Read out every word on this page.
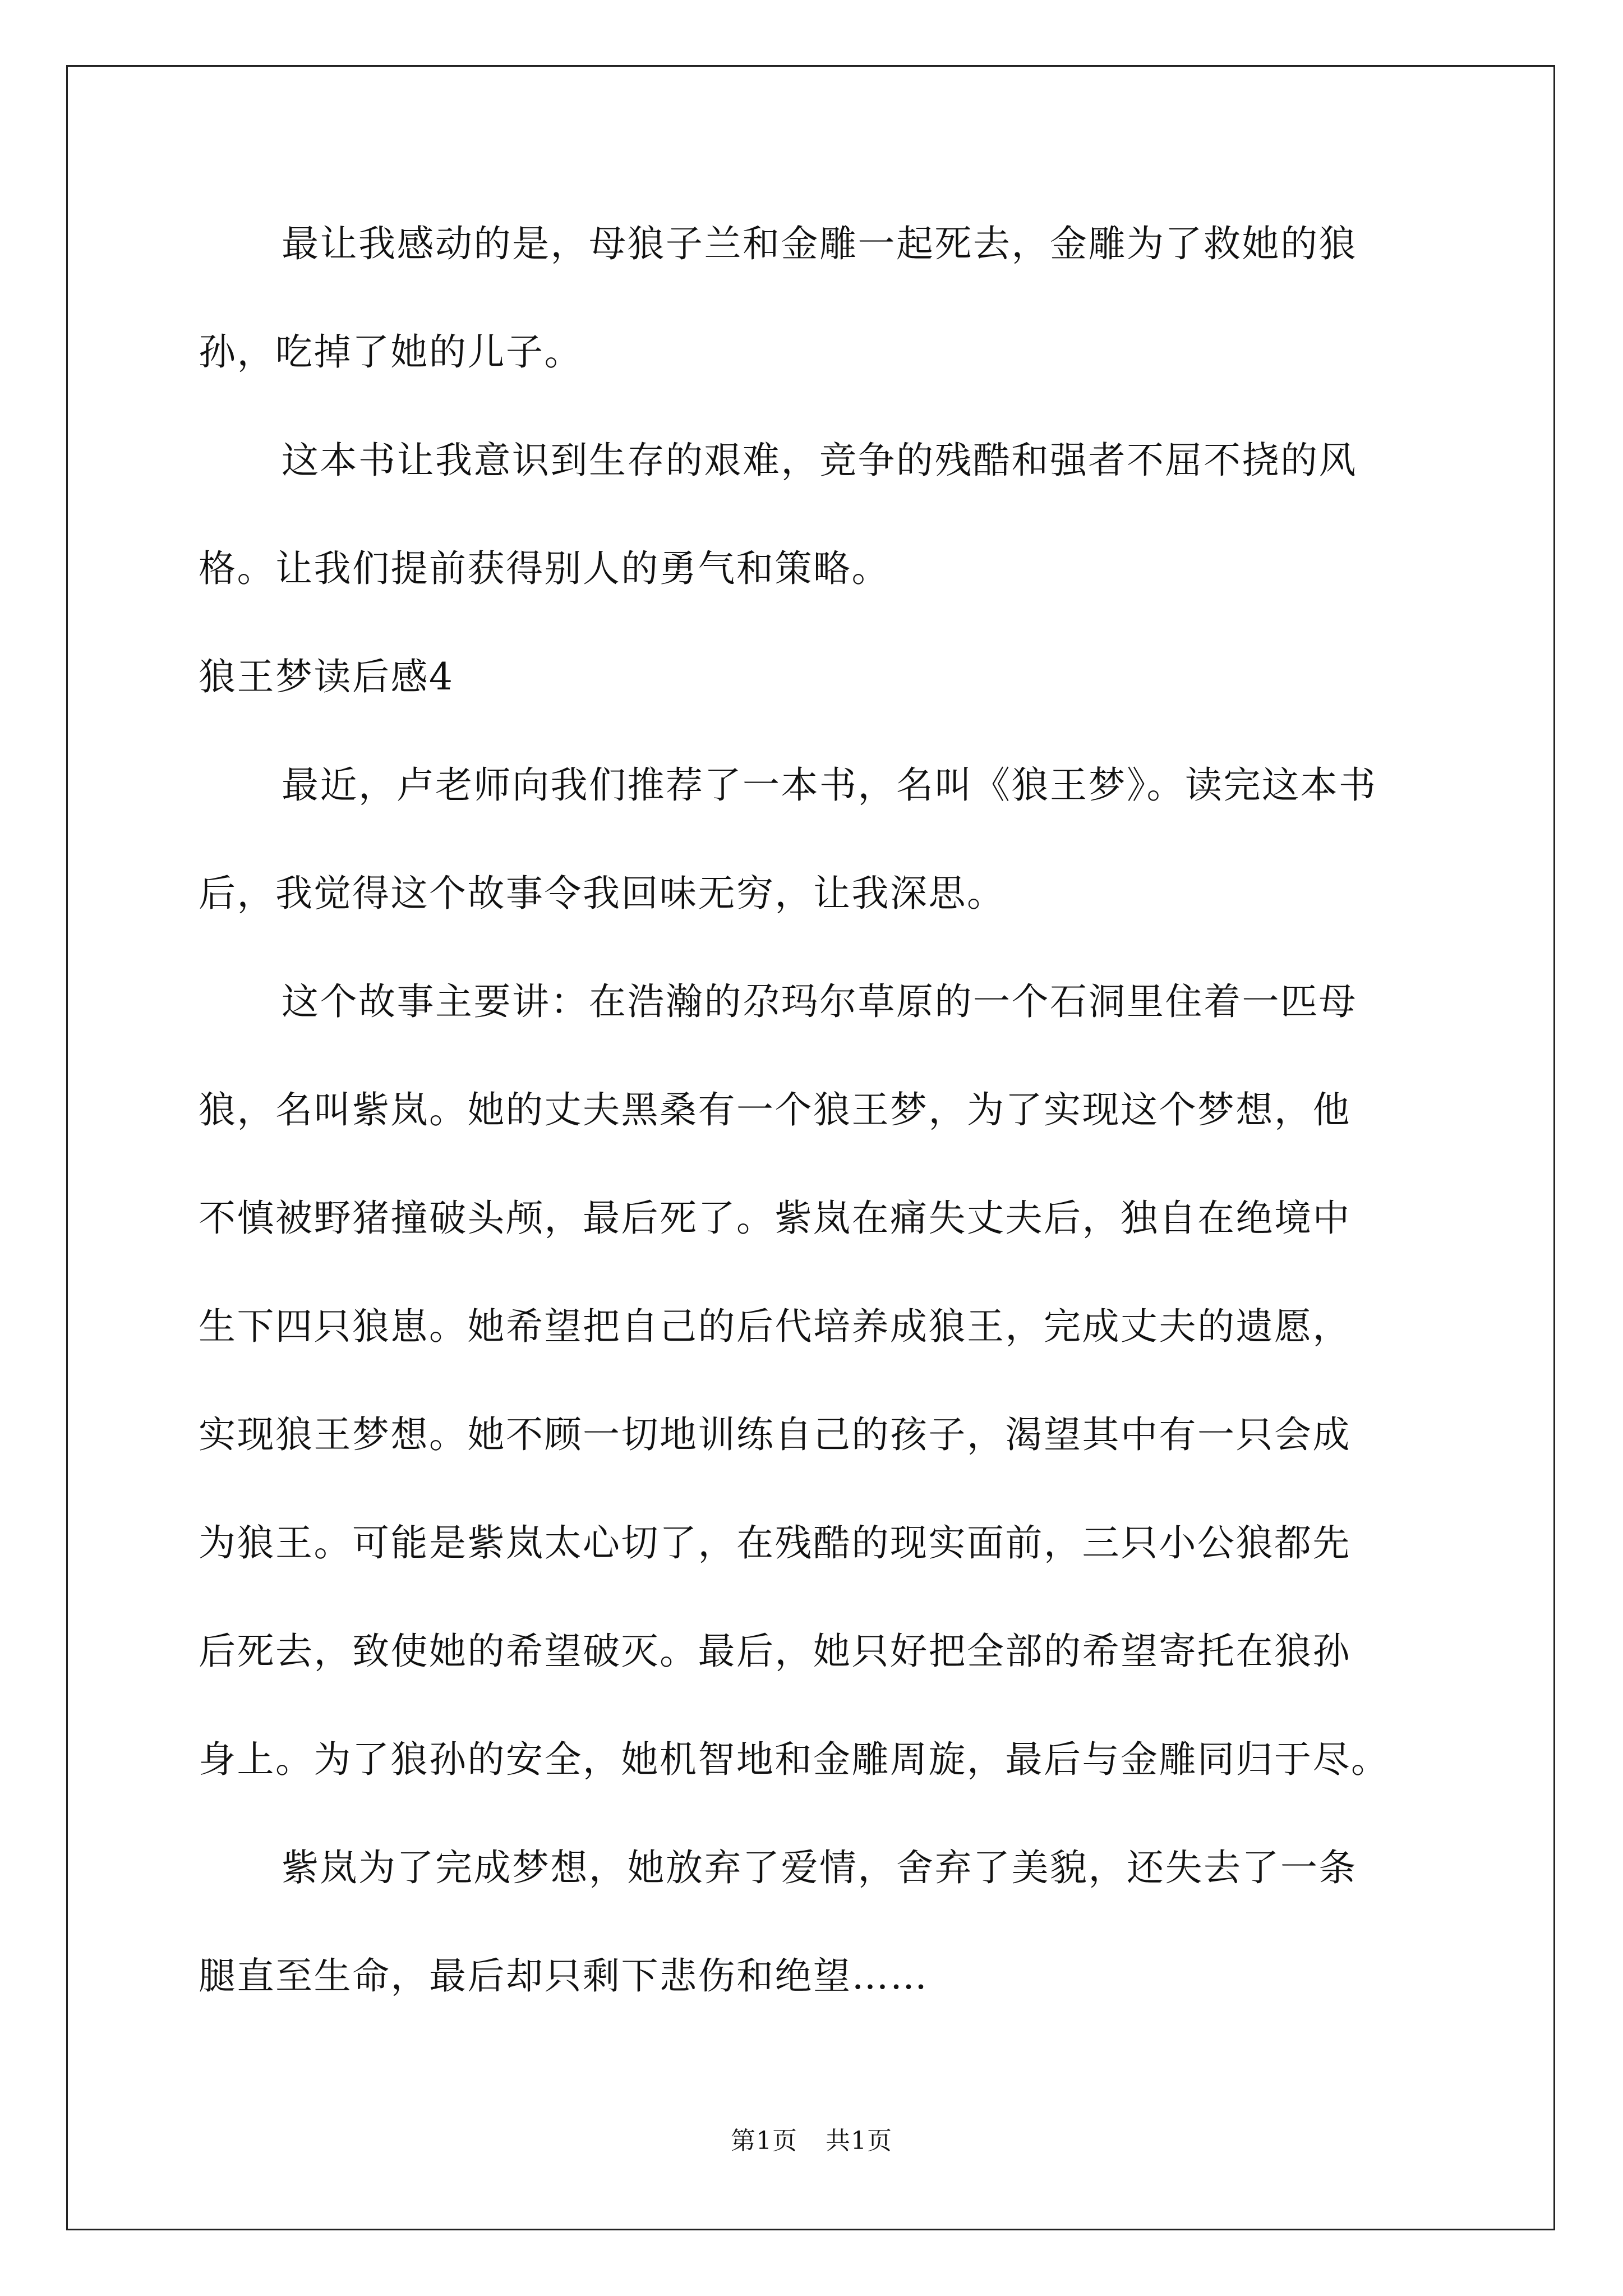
最让我感动的是，母狼子兰和金雕一起死去，金雕为了救她的狼
孙，吃掉了她的儿子。
这本书让我意识到生存的艰难，竞争的残酷和强者不屈不挠的风
格。让我们提前获得别人的勇气和策略。
狼王梦读后感4
最近，卢老师向我们推荐了一本书，名叫《狼王梦》。读完这本书
后，我觉得这个故事令我回味无穷，让我深思。
这个故事主要讲：在浩瀚的尕玛尔草原的一个石洞里住着一匹母
狼，名叫紫岚。她的丈夫黑桑有一个狼王梦，为了实现这个梦想，他
不慎被野猪撞破头颅，最后死了。紫岚在痛失丈夫后，独自在绝境中
生下四只狼崽。她希望把自己的后代培养成狼王，完成丈夫的遗愿，
实现狼王梦想。她不顾一切地训练自己的孩子，渴望其中有一只会成
为狼王。可能是紫岚太心切了，在残酷的现实面前，三只小公狼都先
后死去，致使她的希望破灭。最后，她只好把全部的希望寄托在狼孙
身上。为了狼孙的安全，她机智地和金雕周旋，最后与金雕同归于尽。
紫岚为了完成梦想，她放弃了爱情，舍弃了美貌，还失去了一条
腿直至生命，最后却只剩下悲伤和绝望……
第1页 共1页
